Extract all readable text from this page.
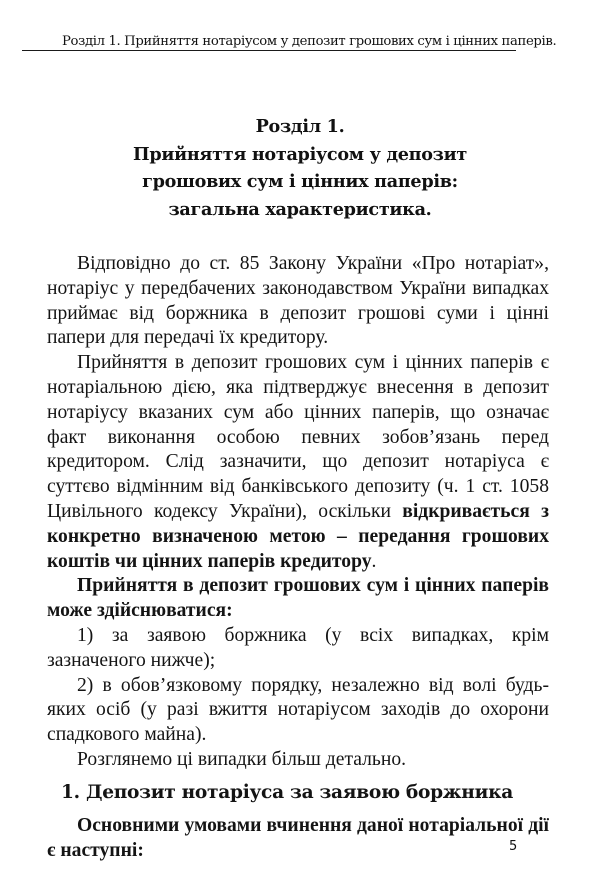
Розділ 1. Прийняття нотаріусом у депозит грошових сум і цінних паперів.
Розділ 1.
Прийняття нотаріусом у депозит
грошових сум і цінних паперів:
загальна характеристика.

Відповідно до ст. 85 Закону України «Про нотаріат», нотаріус у передбачених законодавством України випадках приймає від боржника в депозит грошові суми і цінні папери для передачі їх кредитору.

Прийняття в депозит грошових сум і цінних паперів є нотаріальною дією, яка підтверджує внесення в депозит нотаріусу вказаних сум або цінних паперів, що означає факт виконання особою певних зобов’язань перед кредитором. Слід зазначити, що депозит нотаріуса є суттєво відмінним від банківського депозиту (ч. 1 ст. 1058 Цивільного кодексу України), оскільки відкривається з конкретно визначеною метою – передання грошових коштів чи цінних паперів кредитору.

Прийняття в депозит грошових сум і цінних паперів може здійснюватися:

1) за заявою боржника (у всіх випадках, крім зазначеного нижче);

2) в обов’язковому порядку, незалежно від волі будь-яких осіб (у разі вжиття нотаріусом заходів до охорони спадкового майна).

Розглянемо ці випадки більш детально.

1. Депозит нотаріуса за заявою боржника

Основними умовами вчинення даної нотаріальної дії є наступні:	5
